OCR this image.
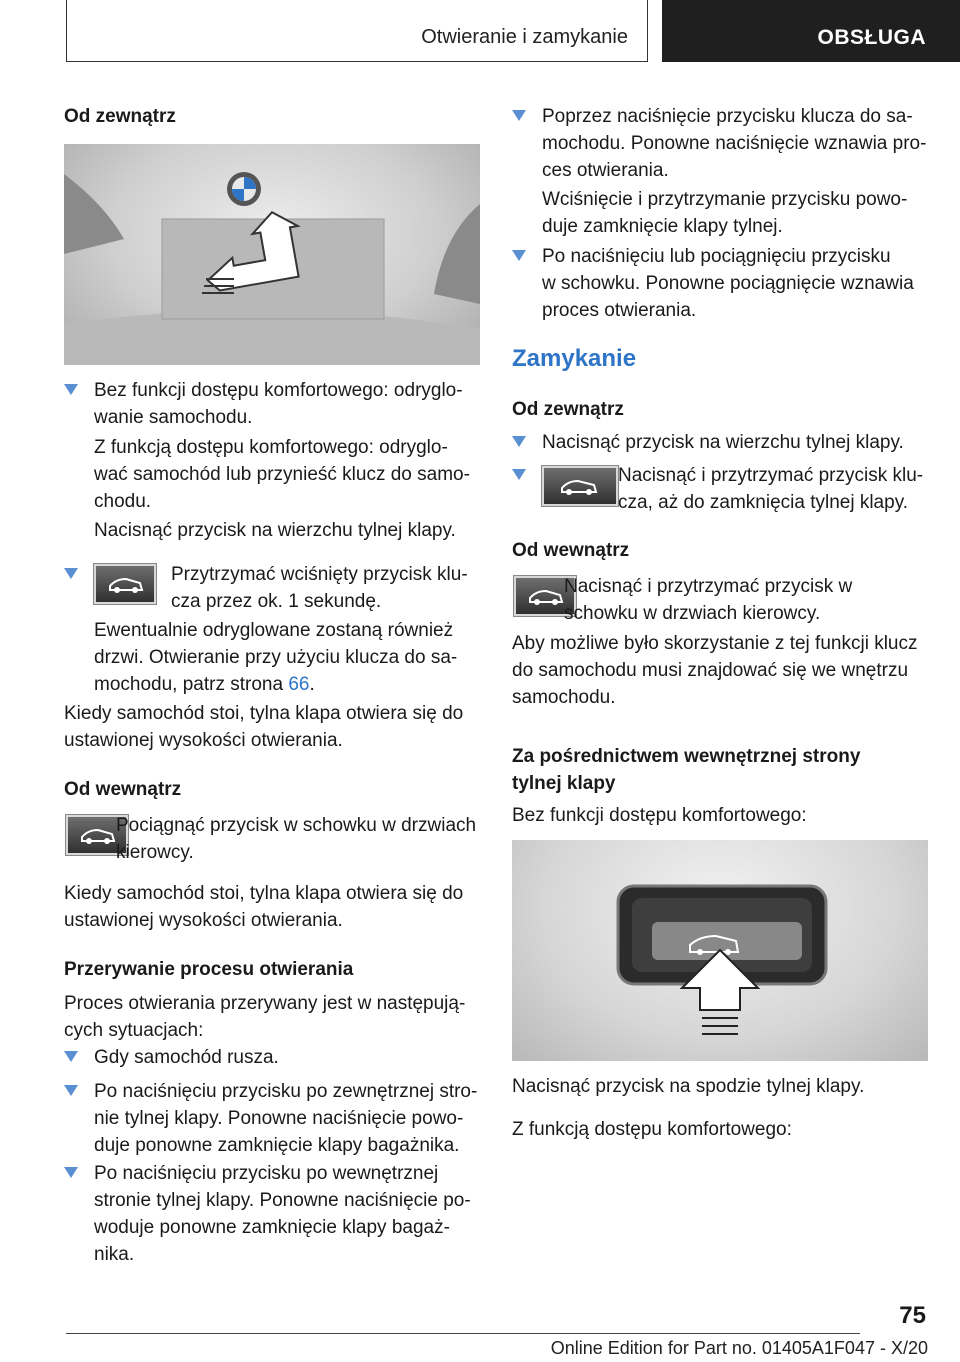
Otwieranie i zamykanie	OBSŁUGA
Od zewnątrz
Bez funkcji dostępu komfortowego: odryglo-
wanie samochodu.
Z funkcją dostępu komfortowego: odryglo-
wać samochód lub przynieść klucz do samo-
chodu.
Nacisnąć przycisk na wierzchu tylnej klapy.
Przytrzymać wciśnięty przycisk klu-
cza przez ok. 1 sekundę.
Ewentualnie odryglowane zostaną również
drzwi. Otwieranie przy użyciu klucza do sa-
mochodu, patrz strona 66.
Kiedy samochód stoi, tylna klapa otwiera się do
ustawionej wysokości otwierania.
Od wewnątrz
Pociągnąć przycisk w schowku w drzwiach
kierowcy.
Kiedy samochód stoi, tylna klapa otwiera się do
ustawionej wysokości otwierania.
Przerywanie procesu otwierania
Proces otwierania przerywany jest w następują-
cych sytuacjach:
Gdy samochód rusza.
Po naciśnięciu przycisku po zewnętrznej stro-
nie tylnej klapy. Ponowne naciśnięcie powo-
duje ponowne zamknięcie klapy bagażnika.
Po naciśnięciu przycisku po wewnętrznej
stronie tylnej klapy. Ponowne naciśnięcie po-
woduje ponowne zamknięcie klapy bagaż-
nika.
Poprzez naciśnięcie przycisku klucza do sa-
mochodu. Ponowne naciśnięcie wznawia pro-
ces otwierania.
Wciśnięcie i przytrzymanie przycisku powo-
duje zamknięcie klapy tylnej.
Po naciśnięciu lub pociągnięciu przycisku
w schowku. Ponowne pociągnięcie wznawia
proces otwierania.
Zamykanie
Od zewnątrz
Nacisnąć przycisk na wierzchu tylnej klapy.
Nacisnąć i przytrzymać przycisk klu-
cza, aż do zamknięcia tylnej klapy.
Od wewnątrz
Nacisnąć i przytrzymać przycisk w
schowku w drzwiach kierowcy.
Aby możliwe było skorzystanie z tej funkcji klucz
do samochodu musi znajdować się we wnętrzu
samochodu.
Za pośrednictwem wewnętrznej strony
tylnej klapy
Bez funkcji dostępu komfortowego:
Nacisnąć przycisk na spodzie tylnej klapy.
Z funkcją dostępu komfortowego:
75
Online Edition for Part no. 01405A1F047 - X/20
